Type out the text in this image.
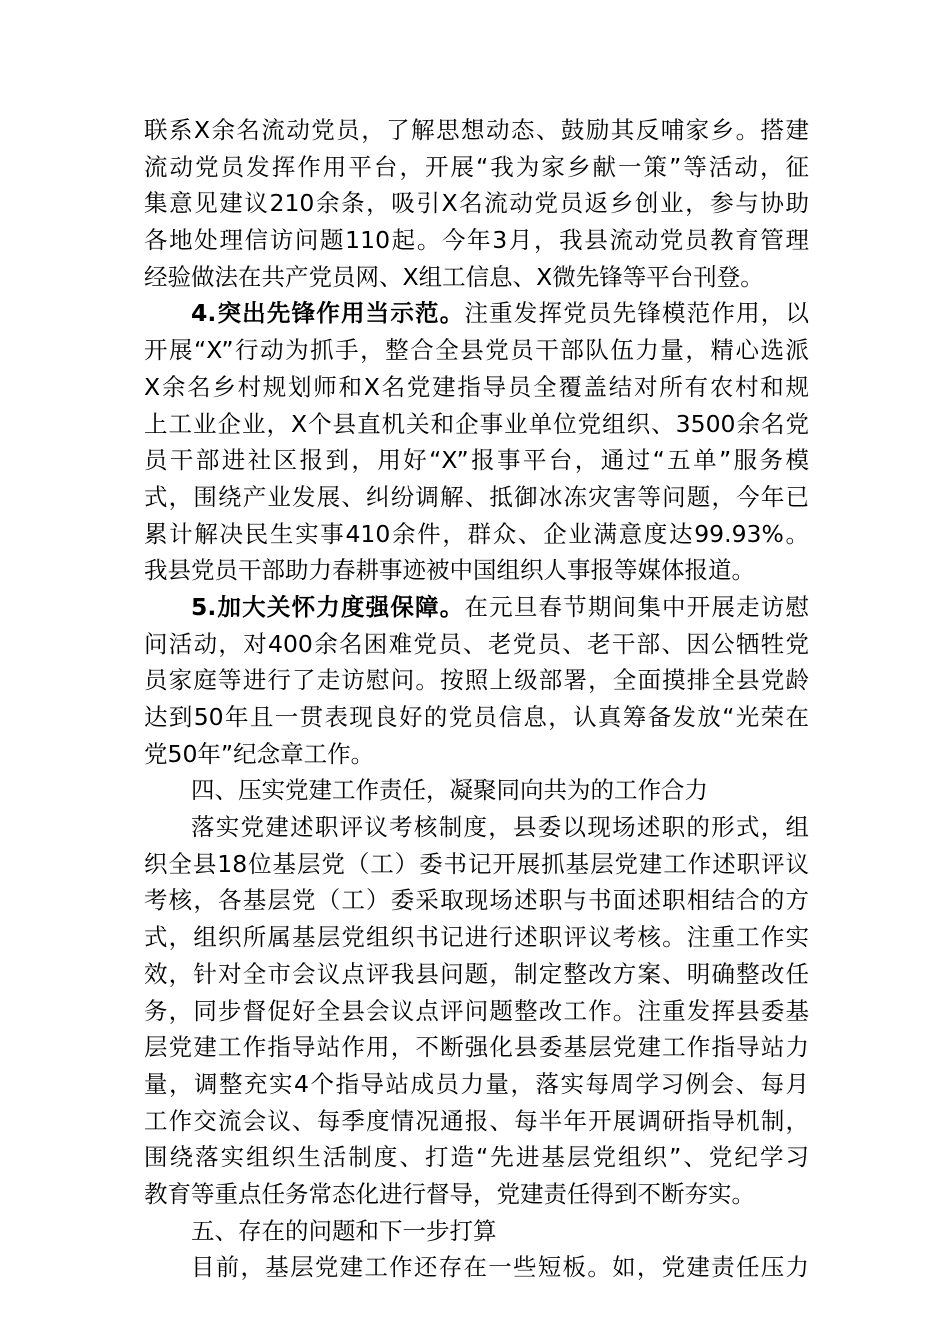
联系X余名流动党员，了解思想动态、鼓励其反哺家乡。搭建
流动党员发挥作用平台，开展“我为家乡献一策”等活动，征
集意见建议210余条，吸引X名流动党员返乡创业，参与协助
各地处理信访问题110起。今年3月，我县流动党员教育管理
经验做法在共产党员网、X组工信息、X微先锋等平台刊登。
4.突出先锋作用当示范。注重发挥党员先锋模范作用，以
开展“X”行动为抓手，整合全县党员干部队伍力量，精心选派
X余名乡村规划师和X名党建指导员全覆盖结对所有农村和规
上工业企业，X个县直机关和企事业单位党组织、3500余名党
员干部进社区报到，用好“X”报事平台，通过“五单”服务模
式，围绕产业发展、纠纷调解、抵御冰冻灾害等问题，今年已
累计解决民生实事410余件，群众、企业满意度达99.93%。
我县党员干部助力春耕事迹被中国组织人事报等媒体报道。
5.加大关怀力度强保障。在元旦春节期间集中开展走访慰
问活动，对400余名困难党员、老党员、老干部、因公牺牲党
员家庭等进行了走访慰问。按照上级部署，全面摸排全县党龄
达到50年且一贯表现良好的党员信息，认真筹备发放“光荣在
党50年”纪念章工作。
四、压实党建工作责任，凝聚同向共为的工作合力
落实党建述职评议考核制度，县委以现场述职的形式，组
织全县18位基层党（工）委书记开展抓基层党建工作述职评议
考核，各基层党（工）委采取现场述职与书面述职相结合的方
式，组织所属基层党组织书记进行述职评议考核。注重工作实
效，针对全市会议点评我县问题，制定整改方案、明确整改任
务，同步督促好全县会议点评问题整改工作。注重发挥县委基
层党建工作指导站作用，不断强化县委基层党建工作指导站力
量，调整充实4个指导站成员力量，落实每周学习例会、每月
工作交流会议、每季度情况通报、每半年开展调研指导机制，
围绕落实组织生活制度、打造“先进基层党组织”、党纪学习
教育等重点任务常态化进行督导，党建责任得到不断夯实。
五、存在的问题和下一步打算
目前，基层党建工作还存在一些短板。如，党建责任压力
